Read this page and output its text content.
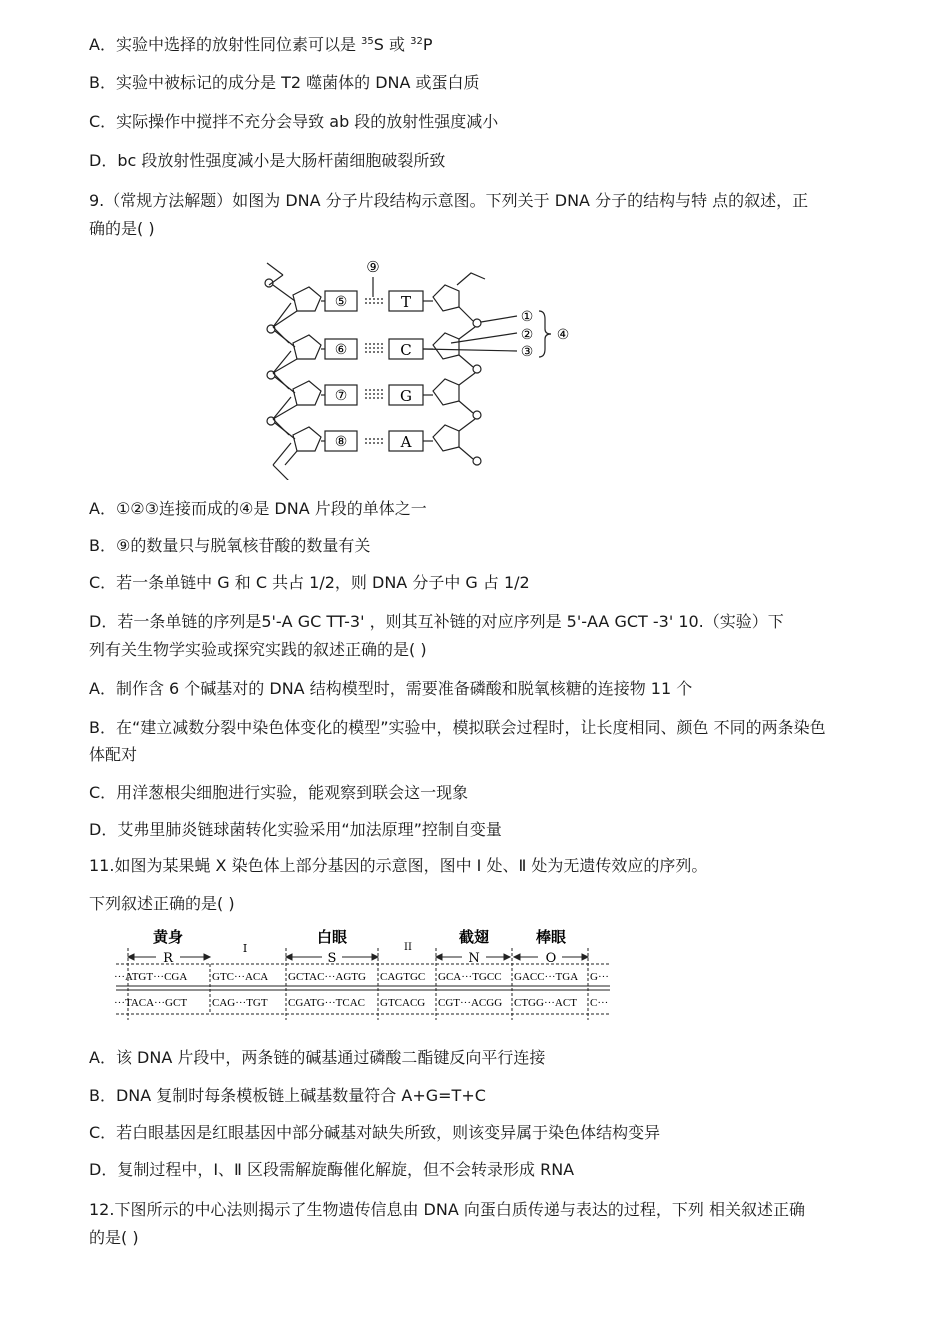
A．实验中选择的放射性同位素可以是 $^{35}$S 或 $^{32}$P
B．实验中被标记的成分是 T2 噬菌体的 DNA 或蛋白质
C．实际操作中搅拌不充分会导致 ab 段的放射性强度减小
D．bc 段放射性强度减小是大肠杆菌细胞破裂所致
9.（常规方法解题）如图为 DNA 分子片段结构示意图。下列关于 DNA 分子的结构与特 点的叙述，正
确的是( )
⑨
⑤
⑥
⑦
⑧
T
C
G
A
①
②
③
④
A．①②③连接而成的④是 DNA 片段的单体之一
B．⑨的数量只与脱氧核苷酸的数量有关
C．若一条单链中 G 和 C 共占 1/2，则 DNA 分子中 G 占 1/2
D．若一条单链的序列是5'-A GC TT-3' ，则其互补链的对应序列是 5'-AA GCT -3' 10.（实验）下
列有关生物学实验或探究实践的叙述正确的是( )
A．制作含 6 个碱基对的 DNA 结构模型时，需要准备磷酸和脱氧核糖的连接物 11 个
B．在“建立减数分裂中染色体变化的模型”实验中，模拟联会过程时，让长度相同、颜色 不同的两条染色
体配对
C．用洋葱根尖细胞进行实验，能观察到联会这一现象
D．艾弗里肺炎链球菌转化实验采用“加法原理”控制自变量
11.如图为某果蝇 X 染色体上部分基因的示意图，图中 I 处、Ⅱ 处为无遗传效应的序列。
下列叙述正确的是( )
黄身	白眼	截翅	棒眼
I	II
R	S	N	O
···ATGT···CGA GTC···ACA GCTAC···AGTG CAGTGC GCA···TGCC GACC···TGA G···
···TACA···GCT CAG···TGT CGATG···TCAC GTCACG CGT···ACGG CTGG···ACT C···
A．该 DNA 片段中，两条链的碱基通过磷酸二酯键反向平行连接
B．DNA 复制时每条模板链上碱基数量符合 A+G=T+C
C．若白眼基因是红眼基因中部分碱基对缺失所致，则该变异属于染色体结构变异
D．复制过程中，I、Ⅱ 区段需解旋酶催化解旋，但不会转录形成 RNA
12.下图所示的中心法则揭示了生物遗传信息由 DNA 向蛋白质传递与表达的过程，下列 相关叙述正确
的是( )
